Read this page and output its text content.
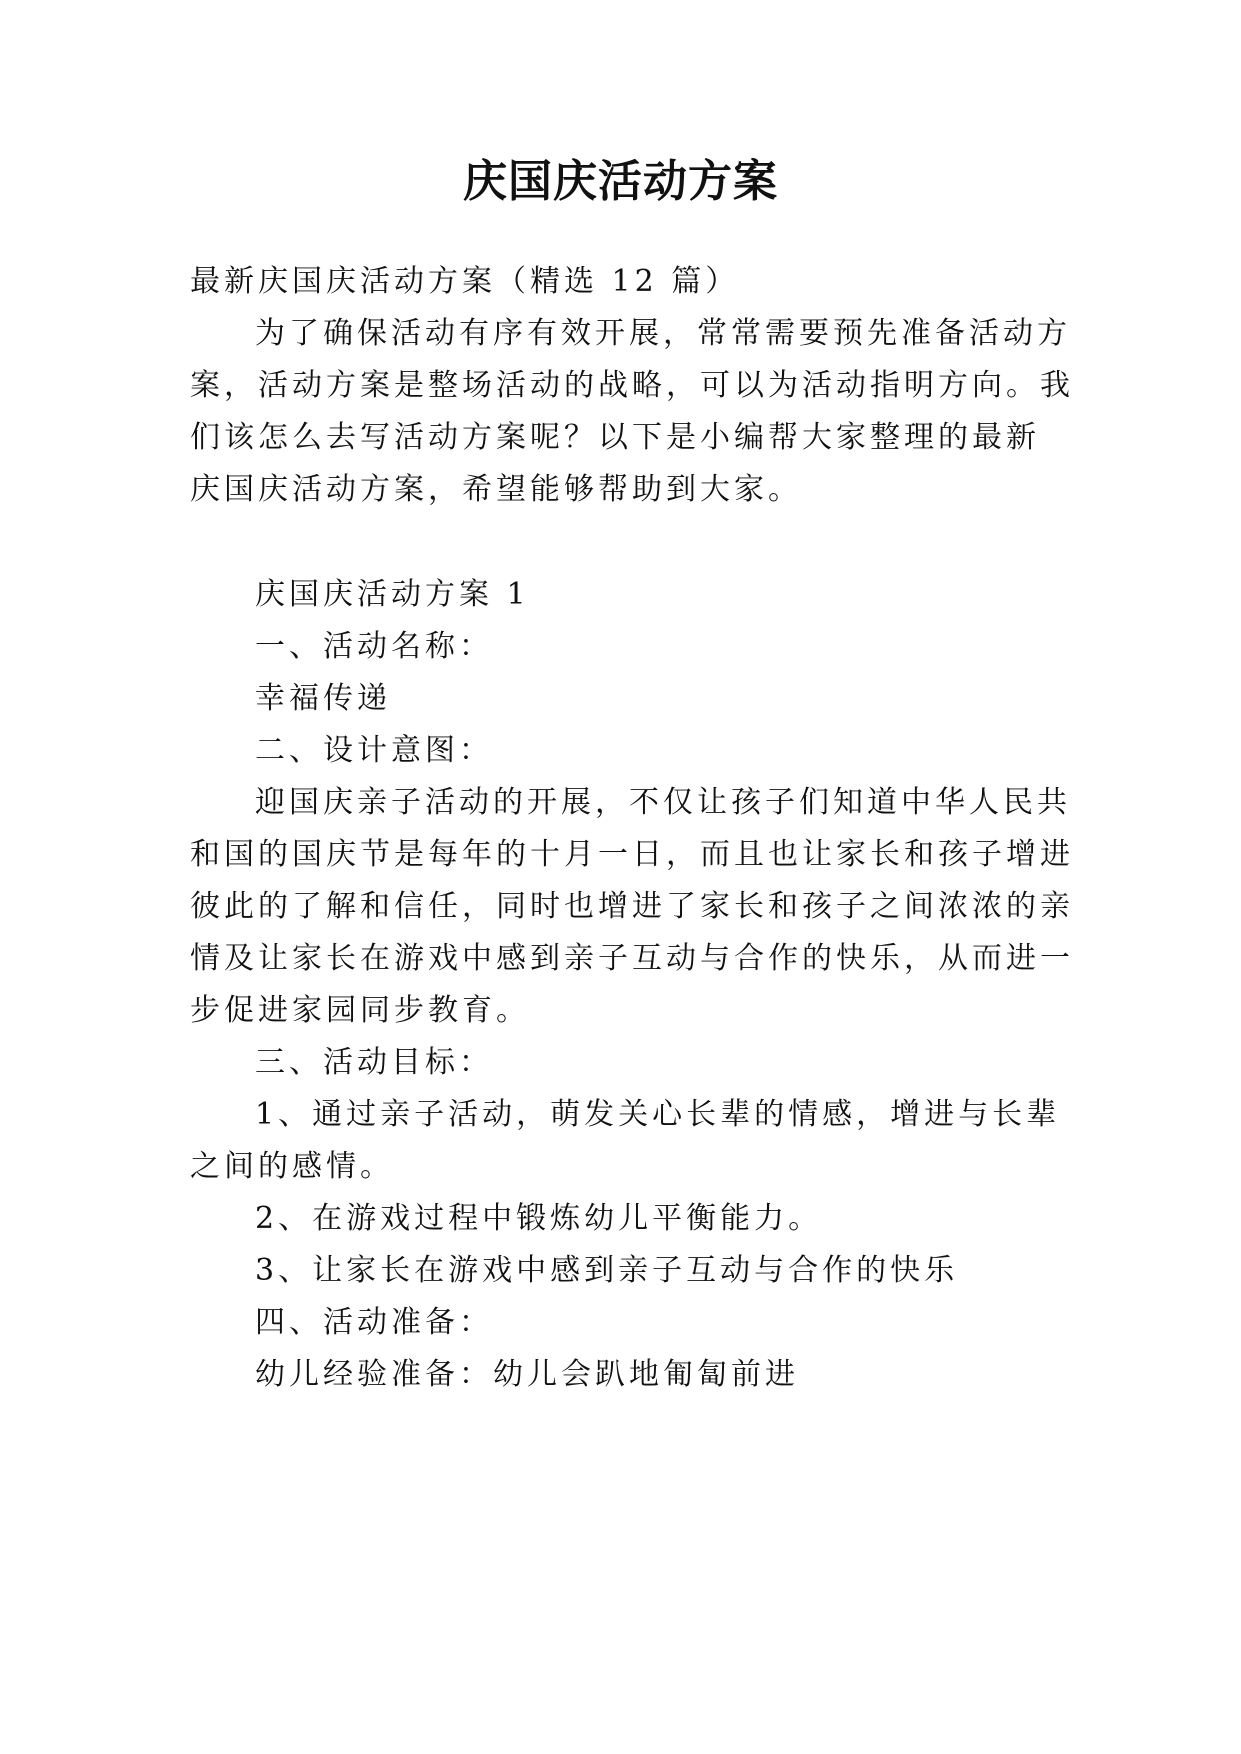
庆国庆活动方案
最新庆国庆活动方案（精选 12 篇）
为了确保活动有序有效开展，常常需要预先准备活动方
案，活动方案是整场活动的战略，可以为活动指明方向。我
们该怎么去写活动方案呢？以下是小编帮大家整理的最新
庆国庆活动方案，希望能够帮助到大家。
庆国庆活动方案 1
一、活动名称：
幸福传递
二、设计意图：
迎国庆亲子活动的开展，不仅让孩子们知道中华人民共
和国的国庆节是每年的十月一日，而且也让家长和孩子增进
彼此的了解和信任，同时也增进了家长和孩子之间浓浓的亲
情及让家长在游戏中感到亲子互动与合作的快乐，从而进一
步促进家园同步教育。
三、活动目标：
1、通过亲子活动，萌发关心长辈的情感，增进与长辈
之间的感情。
2、在游戏过程中锻炼幼儿平衡能力。
3、让家长在游戏中感到亲子互动与合作的快乐
四、活动准备：
幼儿经验准备：幼儿会趴地匍匐前进
